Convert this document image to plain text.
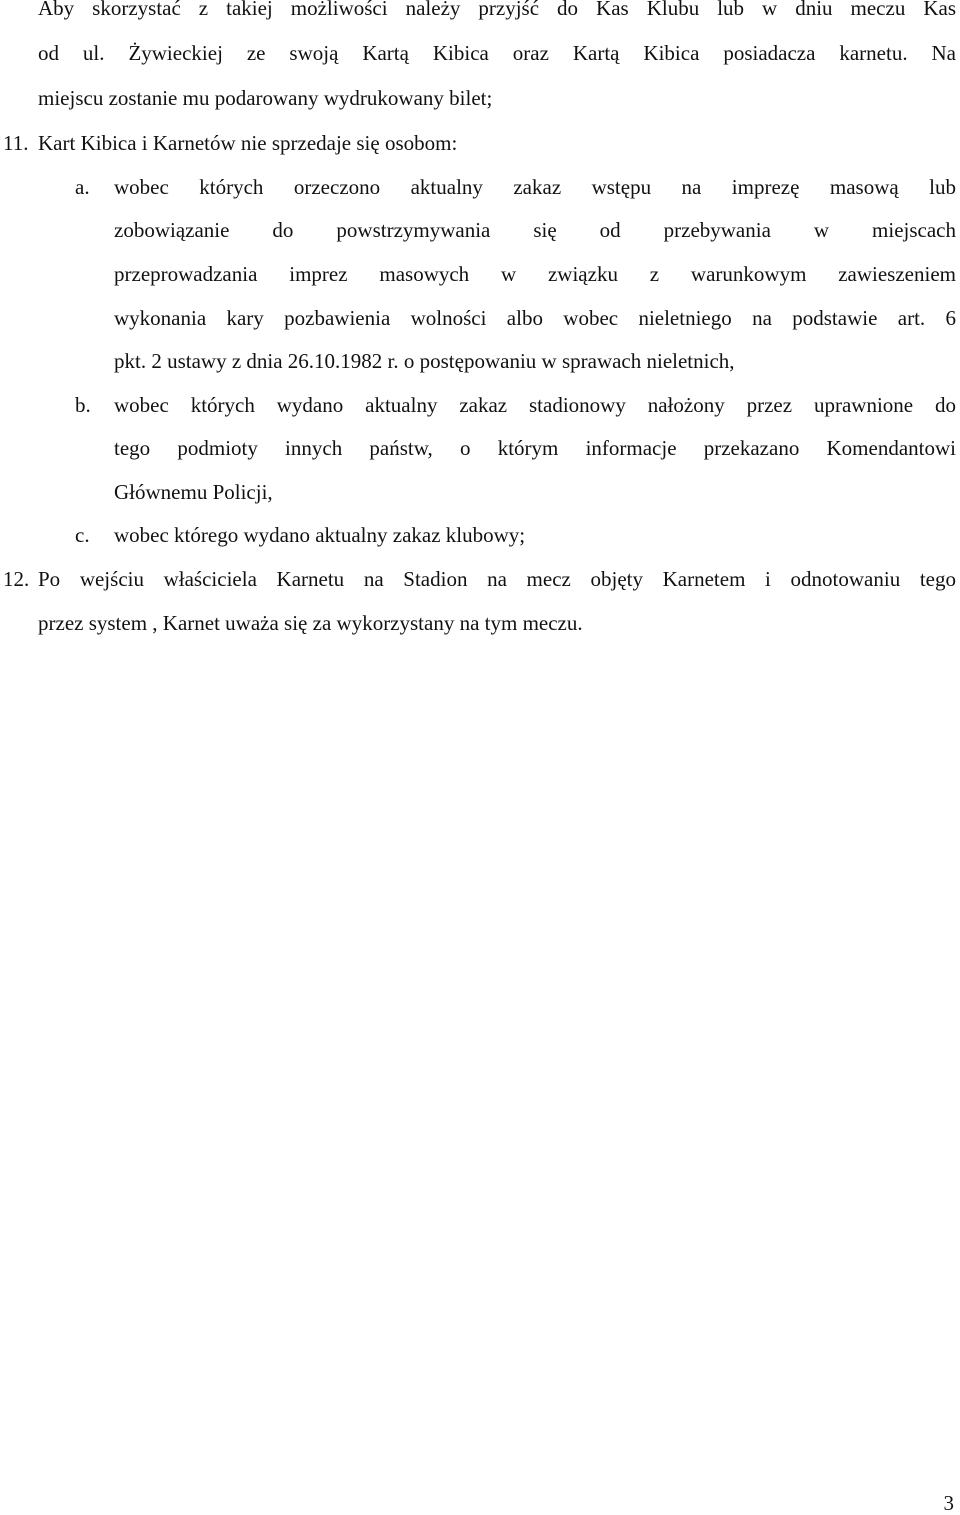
Aby skorzystać z takiej możliwości należy przyjść do Kas Klubu lub w dniu meczu Kas
od ul. Żywieckiej ze swoją Kartą Kibica oraz Kartą Kibica posiadacza karnetu. Na
miejscu zostanie mu podarowany wydrukowany bilet;
11. Kart Kibica i Karnetów nie sprzedaje się osobom:
a. wobec których orzeczono aktualny zakaz wstępu na imprezę masową lub
zobowiązanie do powstrzymywania się od przebywania w miejscach
przeprowadzania imprez masowych w związku z warunkowym zawieszeniem
wykonania kary pozbawienia wolności albo wobec nieletniego na podstawie art. 6
pkt. 2 ustawy z dnia 26.10.1982 r. o postępowaniu w sprawach nieletnich,
b. wobec których wydano aktualny zakaz stadionowy nałożony przez uprawnione do
tego podmioty innych państw, o którym informacje przekazano Komendantowi
Głównemu Policji,
c. wobec którego wydano aktualny zakaz klubowy;
12. Po wejściu właściciela Karnetu na Stadion na mecz objęty Karnetem i odnotowaniu tego
przez system , Karnet uważa się za wykorzystany na tym meczu.
3
